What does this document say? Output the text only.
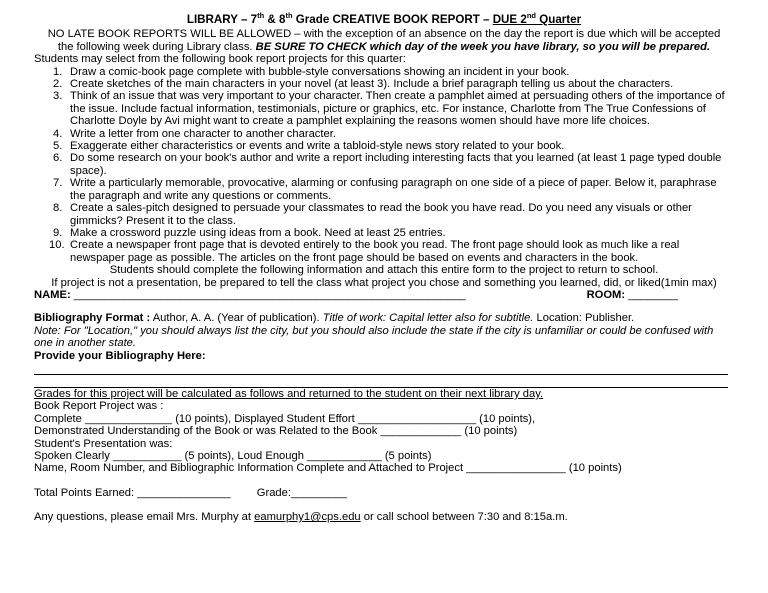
LIBRARY – 7th & 8th Grade CREATIVE BOOK REPORT – DUE 2nd Quarter
NO LATE BOOK REPORTS WILL BE ALLOWED – with the exception of an absence on the day the report is due which will be accepted the following week during Library class. BE SURE TO CHECK which day of the week you have library, so you will be prepared.
Students may select from the following book report projects for this quarter:
1. Draw a comic-book page complete with bubble-style conversations showing an incident in your book.
2. Create sketches of the main characters in your novel (at least 3). Include a brief paragraph telling us about the characters.
3. Think of an issue that was very important to your character. Then create a pamphlet aimed at persuading others of the importance of the issue. Include factual information, testimonials, picture or graphics, etc. For instance, Charlotte from The True Confessions of Charlotte Doyle by Avi might want to create a pamphlet explaining the reasons women should have more life choices.
4. Write a letter from one character to another character.
5. Exaggerate either characteristics or events and write a tabloid-style news story related to your book.
6. Do some research on your book's author and write a report including interesting facts that you learned (at least 1 page typed double space).
7. Write a particularly memorable, provocative, alarming or confusing paragraph on one side of a piece of paper. Below it, paraphrase the paragraph and write any questions or comments.
8. Create a sales-pitch designed to persuade your classmates to read the book you have read. Do you need any visuals or other gimmicks? Present it to the class.
9. Make a crossword puzzle using ideas from a book. Need at least 25 entries.
10. Create a newspaper front page that is devoted entirely to the book you read. The front page should look as much like a real newspaper page as possible. The articles on the front page should be based on events and characters in the book.
Students should complete the following information and attach this entire form to the project to return to school.
If project is not a presentation, be prepared to tell the class what project you chose and something you learned, did, or liked(1min max)
NAME: _______________________________________________________________	ROOM: ________
Bibliography Format : Author, A. A. (Year of publication). Title of work: Capital letter also for subtitle. Location: Publisher.
Note: For "Location," you should always list the city, but you should also include the state if the city is unfamiliar or could be confused with one in another state.
Provide your Bibliography Here:
Grades for this project will be calculated as follows and returned to the student on their next library day.
Book Report Project was :
Complete ______________ (10 points), Displayed Student Effort ___________________ (10 points),
Demonstrated Understanding of the Book or was Related to the Book _____________ (10 points)
Student's Presentation was:
Spoken Clearly ___________ (5 points), Loud Enough ____________ (5 points)
Name, Room Number, and Bibliographic Information Complete and Attached to Project ________________ (10 points)
Total Points Earned: _______________ Grade:_________
Any questions, please email Mrs. Murphy at eamurphy1@cps.edu or call school between 7:30 and 8:15a.m.
